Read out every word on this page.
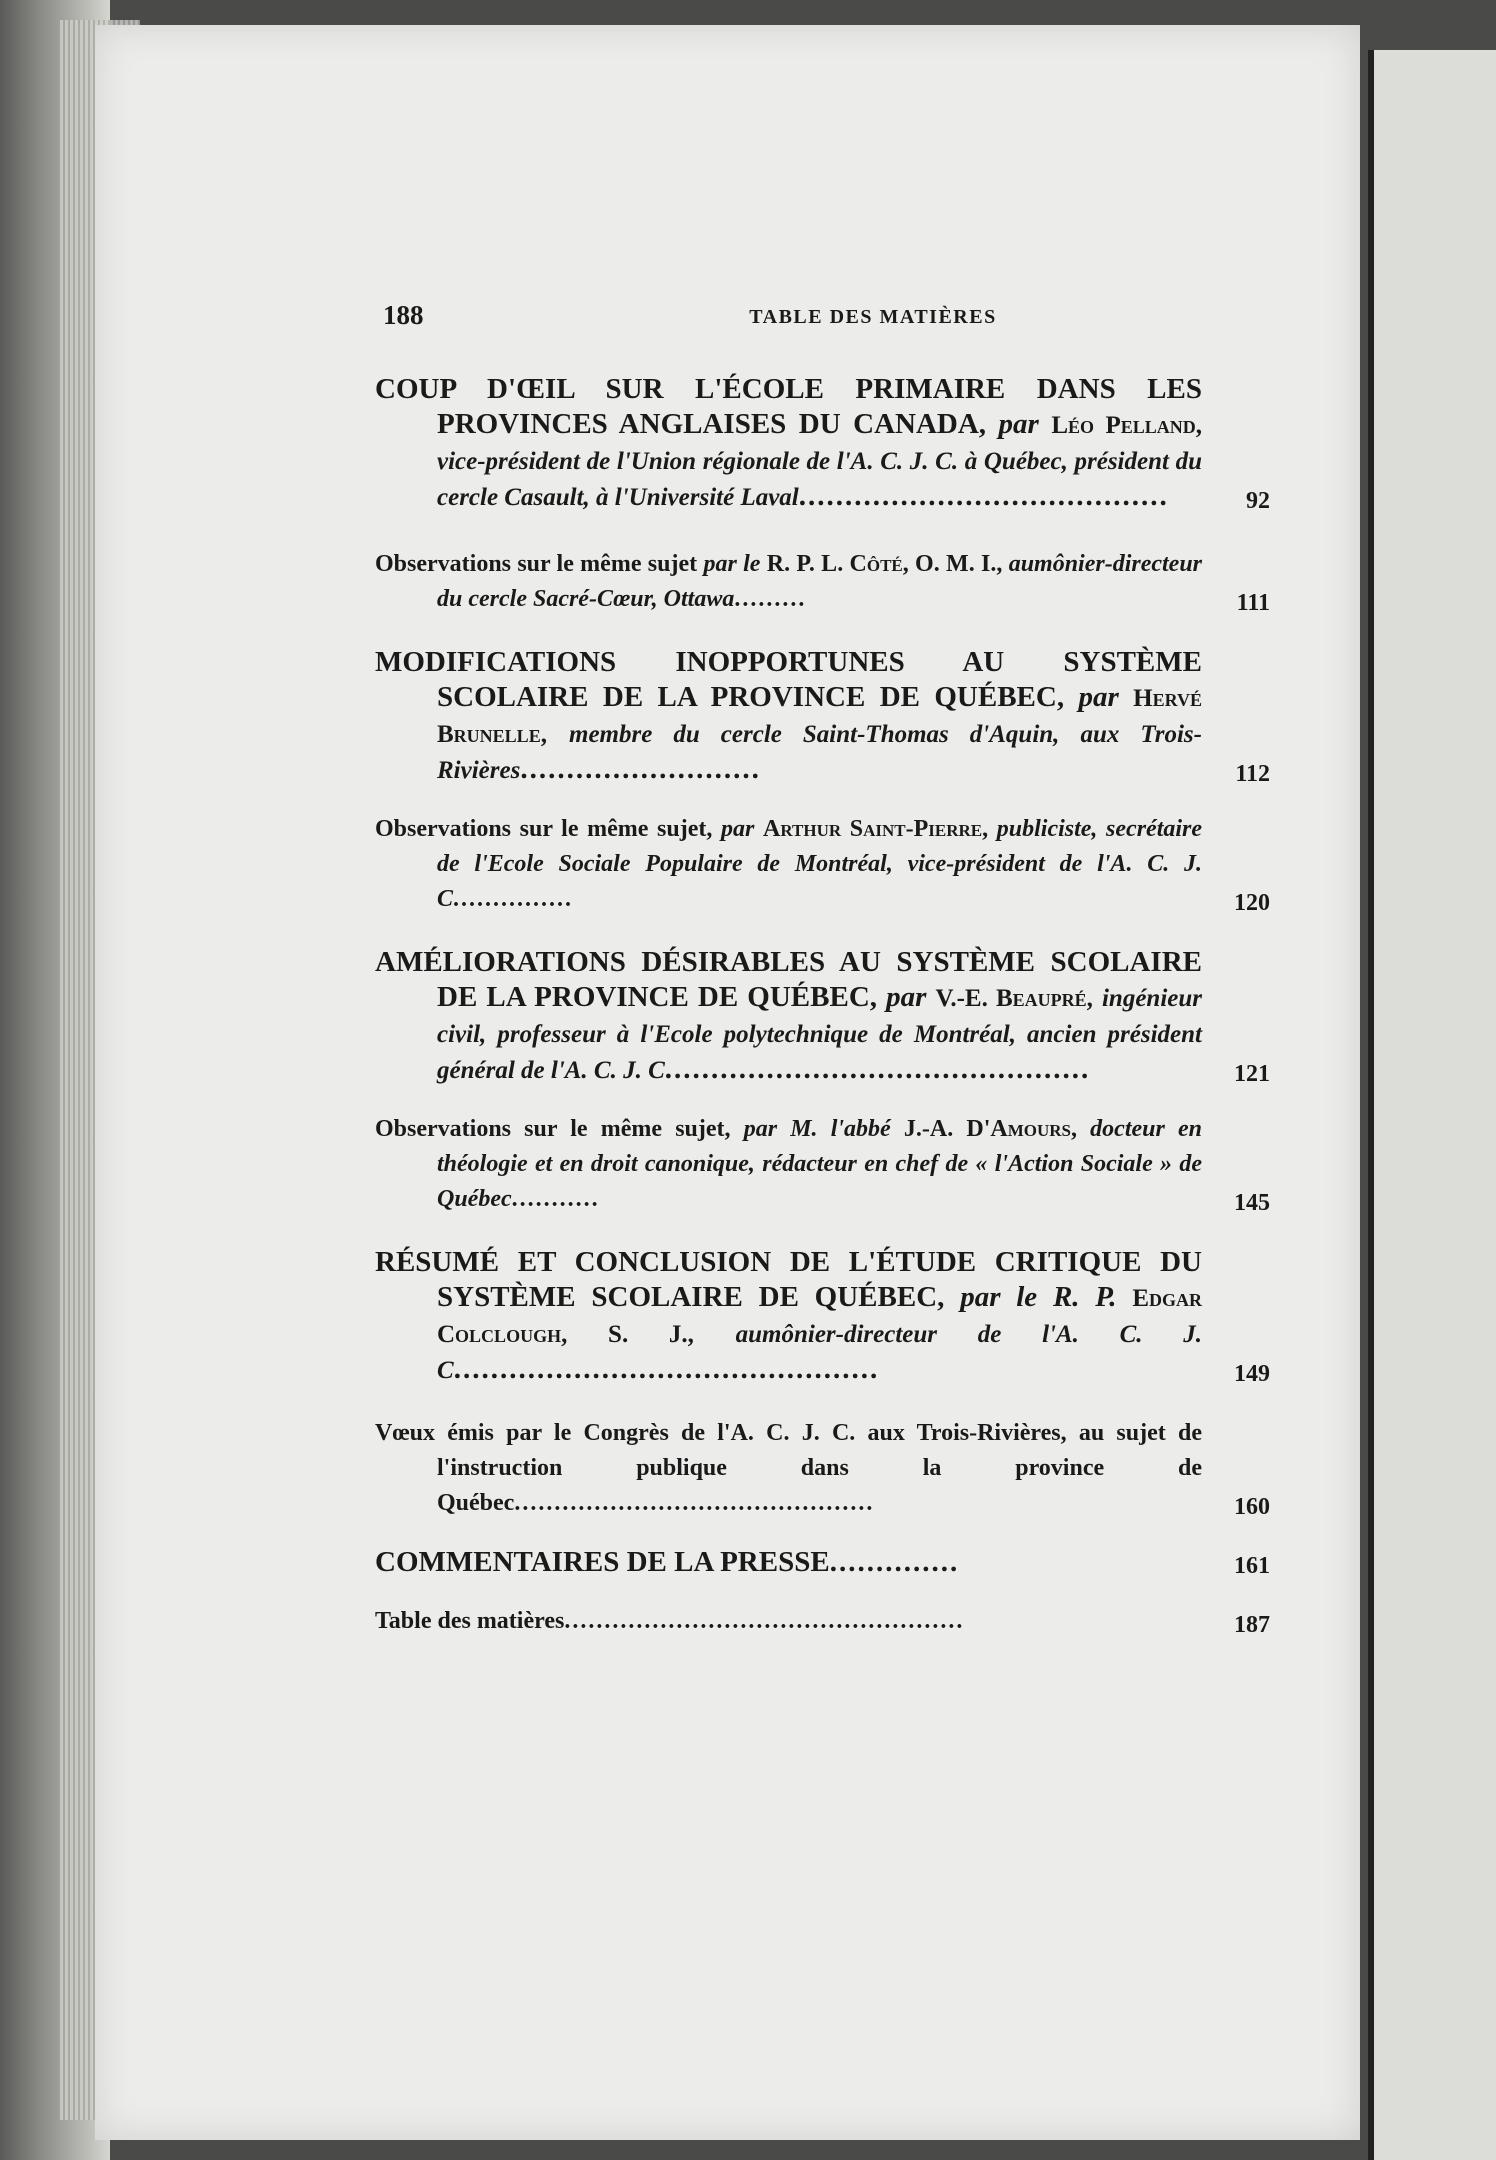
188	TABLE DES MATIÈRES
COUP D'ŒIL SUR L'ÉCOLE PRIMAIRE DANS LES PROVINCES ANGLAISES DU CANADA, par Léo Pelland, vice-président de l'Union régionale de l'A. C. J. C. à Québec, président du cercle Casault, à l'Université Laval........................................	92
Observations sur le même sujet par le R. P. L. Côté, O. M. I., aumônier-directeur du cercle Sacré-Cœur, Ottawa.........	111
MODIFICATIONS INOPPORTUNES AU SYSTÈME SCOLAIRE DE LA PROVINCE DE QUÉBEC, par Hervé Brunelle, membre du cercle Saint-Thomas d'Aquin, aux Trois-Rivières..........................	112
Observations sur le même sujet, par Arthur Saint-Pierre, publiciste, secrétaire de l'Ecole Sociale Populaire de Montréal, vice-président de l'A. C. J. C...............	120
AMÉLIORATIONS DÉSIRABLES AU SYSTÈME SCOLAIRE DE LA PROVINCE DE QUÉBEC, par V.-E. Beaupré, ingénieur civil, professeur à l'Ecole polytechnique de Montréal, ancien président général de l'A. C. J. C..............................................	121
Observations sur le même sujet, par M. l'abbé J.-A. D'Amours, docteur en théologie et en droit canonique, rédacteur en chef de « l'Action Sociale » de Québec...........	145
RÉSUMÉ ET CONCLUSION DE L'ÉTUDE CRITIQUE DU SYSTÈME SCOLAIRE DE QUÉBEC, par le R. P. Edgar Colclough, S. J., aumônier-directeur de l'A. C. J. C..............................................	149
Vœux émis par le Congrès de l'A. C. J. C. aux Trois-Rivières, au sujet de l'instruction publique dans la province de Québec.............................................	160
COMMENTAIRES DE LA PRESSE..............	161
Table des matières..................................................	187
